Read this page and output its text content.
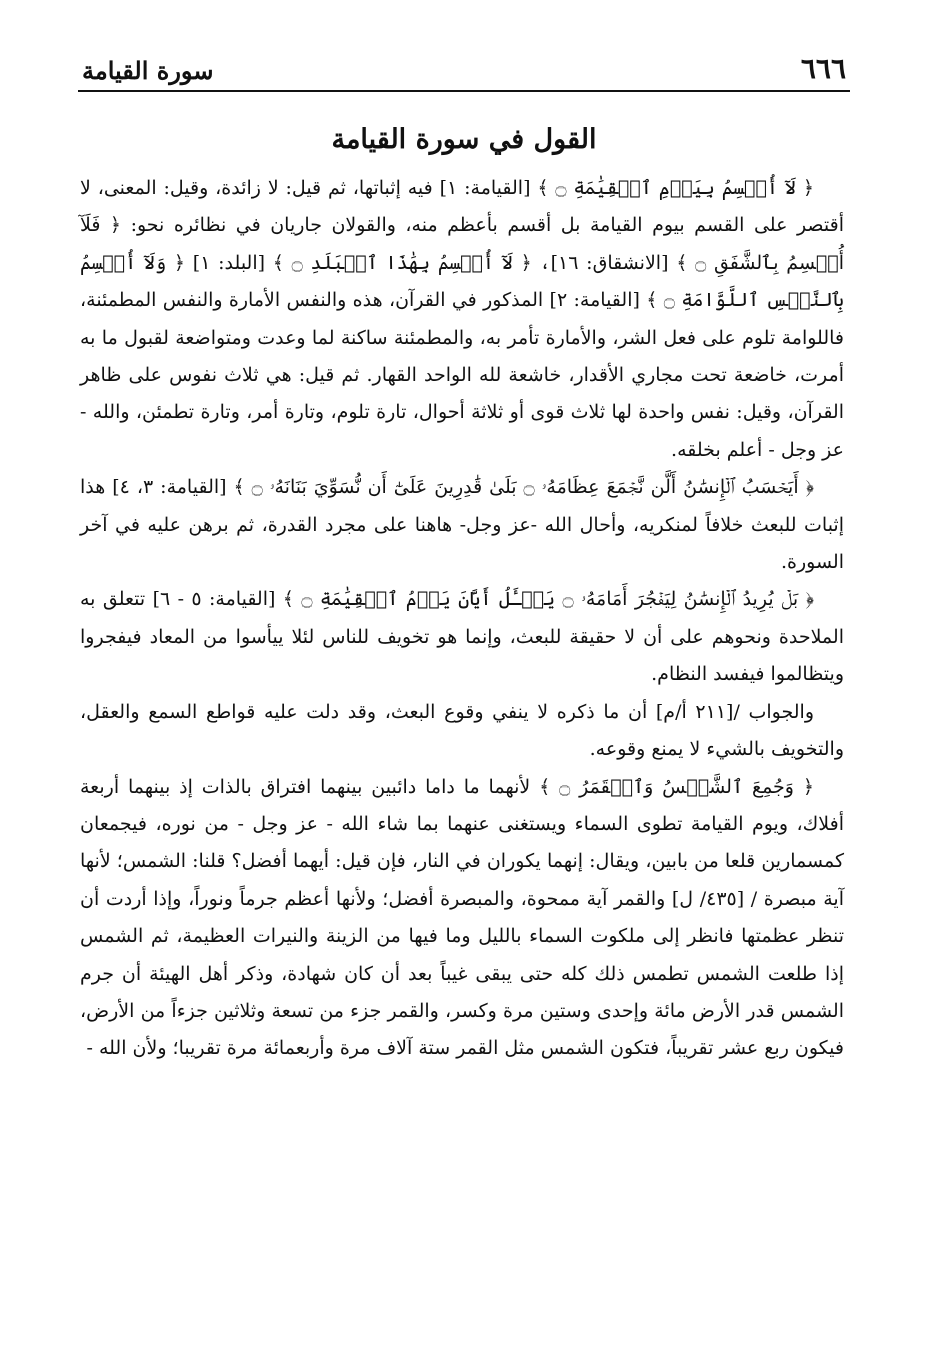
٦٦٦
سورة القيامة
القول في سورة القيامة

﴿ لَآ أُقۡسِمُ بِيَوۡمِ ٱلۡقِيَٰمَةِ ۝ ﴾ [القيامة: ١] فيه إثباتها، ثم قيل: لا زائدة، وقيل: المعنى، لا أقتصر على القسم بيوم القيامة بل أقسم بأعظم منه، والقولان جاريان في نظائره نحو: ﴿ فَلَآ أُقۡسِمُ بِٱلشَّفَقِ ۝ ﴾ [الانشقاق: ١٦]، ﴿ لَآ أُقۡسِمُ بِهَٰذَا ٱلۡبَلَدِ ۝ ﴾ [البلد: ١] ﴿ وَلَآ أُقۡسِمُ بِٱلنَّفۡسِ ٱللَّوَّامَةِ ۝ ﴾ [القيامة: ٢] المذكور في القرآن، هذه والنفس الأمارة والنفس المطمئنة، فاللوامة تلوم على فعل الشر، والأمارة تأمر به، والمطمئنة ساكنة لما وعدت ومتواضعة لقبول ما به أمرت، خاضعة تحت مجاري الأقدار، خاشعة لله الواحد القهار. ثم قيل: هي ثلاث نفوس على ظاهر القرآن، وقيل: نفس واحدة لها ثلاث قوى أو ثلاثة أحوال، تارة تلوم، وتارة أمر، وتارة تطمئن، والله - عز وجل - أعلم بخلقه.

﴿ أَيَحۡسَبُ ٱلۡإِنسَٰنُ أَلَّن نَّجۡمَعَ عِظَامَهُۥ ۝ بَلَىٰ قَٰدِرِينَ عَلَىٰٓ أَن نُّسَوِّيَ بَنَانَهُۥ ۝ ﴾ [القيامة: ٣، ٤] هذا إثبات للبعث خلافاً لمنكريه، وأحال الله -عز وجل- هاهنا على مجرد القدرة، ثم برهن عليه في آخر السورة.

﴿ بَلۡ يُرِيدُ ٱلۡإِنسَٰنُ لِيَفۡجُرَ أَمَامَهُۥ ۝ يَسۡـَٔلُ أَيَّانَ يَوۡمُ ٱلۡقِيَٰمَةِ ۝ ﴾ [القيامة: ٥ - ٦] تتعلق به الملاحدة ونحوهم على أن لا حقيقة للبعث، وإنما هو تخويف للناس لئلا ييأسوا من المعاد فيفجروا ويتظالموا فيفسد النظام.

والجواب /[٢١١ أ/م] أن ما ذكره لا ينفي وقوع البعث، وقد دلت عليه قواطع السمع والعقل، والتخويف بالشيء لا يمنع وقوعه.

﴿ وَجُمِعَ ٱلشَّمۡسُ وَٱلۡقَمَرُ ۝ ﴾ لأنهما ما داما دائبين بينهما افتراق بالذات إذ بينهما أربعة أفلاك، ويوم القيامة تطوى السماء ويستغنى عنهما بما شاء الله - عز وجل - من نوره، فيجمعان كمسمارين قلعا من بابين، ويقال: إنهما يكوران في النار، فإن قيل: أيهما أفضل؟ قلنا: الشمس؛ لأنها آية مبصرة / [٤٣٥/ ل] والقمر آية ممحوة، والمبصرة أفضل؛ ولأنها أعظم جرماً ونوراً، وإذا أردت أن تنظر عظمتها فانظر إلى ملكوت السماء بالليل وما فيها من الزينة والنيرات العظيمة، ثم الشمس إذا طلعت الشمس تطمس ذلك كله حتى يبقى غيباً بعد أن كان شهادة، وذكر أهل الهيئة أن جرم الشمس قدر الأرض مائة وإحدى وستين مرة وكسر، والقمر جزء من تسعة وثلاثين جزءاً من الأرض، فيكون ربع عشر تقريباً، فتكون الشمس مثل القمر ستة آلاف مرة وأربعمائة مرة تقريبا؛ ولأن الله -
